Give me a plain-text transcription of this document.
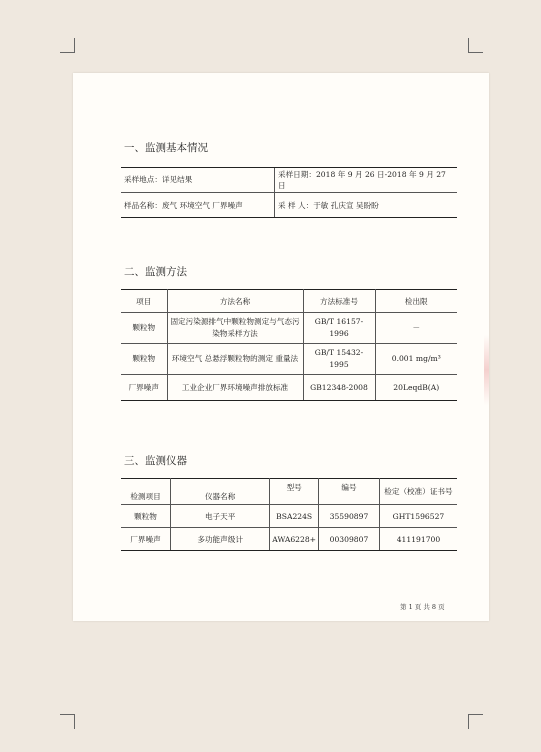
一、监测基本情况
采样地点：详见结果	采样日期：2018 年 9 月 26 日-2018 年 9 月 27 日
样品名称：废气 环境空气 厂界噪声	采 样 人：于敏 孔庆宣 吴盼盼
二、监测方法
项目	方法名称	方法标准号	检出限
颗粒物	固定污染源排气中颗粒物测定与气态污染物采样方法	GB/T 16157-1996	－
颗粒物	环境空气 总悬浮颗粒物的测定 重量法	GB/T 15432-1995	0.001 mg/m³
厂界噪声	工业企业厂界环境噪声排放标准	GB12348-2008	20LeqdB(A)
三、监测仪器
检测项目	仪器名称	型号	编号	检定（校准）证书号
颗粒物	电子天平	BSA224S	35590897	GHT1596527
厂界噪声	多功能声级计	AWA6228+	00309807	411191700
第 1 页 共 8 页
